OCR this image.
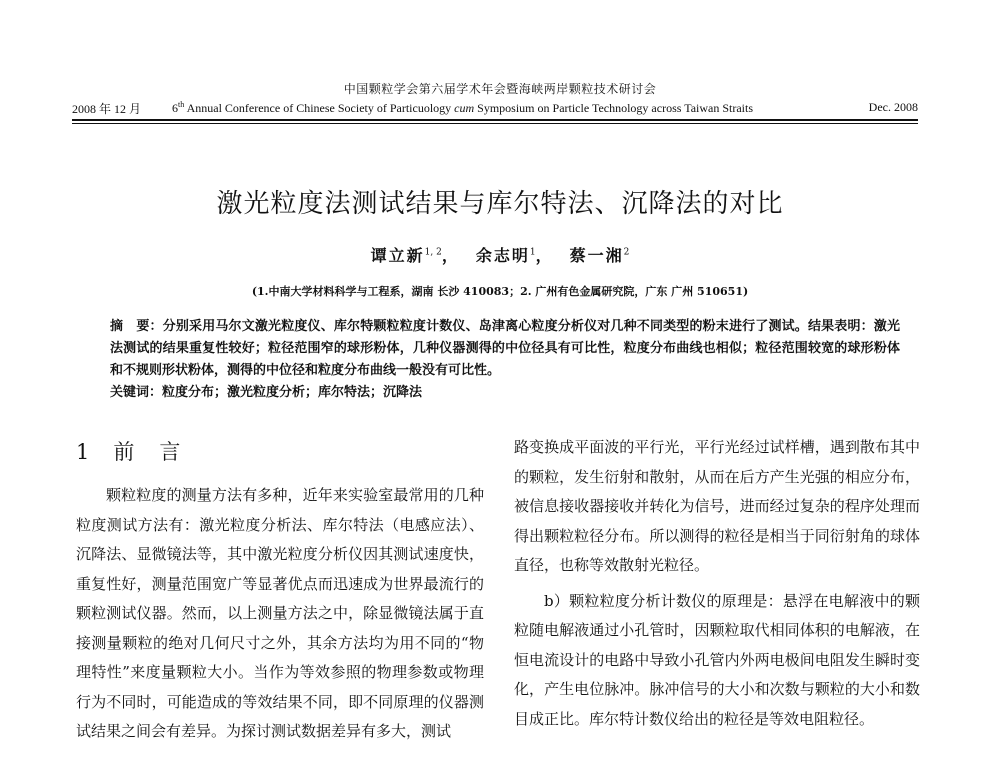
中国颗粒学会第六届学术年会暨海峡两岸颗粒技术研讨会
2008 年 12 月	6th Annual Conference of Chinese Society of Particuology cum Symposium on Particle Technology across Taiwan Straits	Dec. 2008
激光粒度法测试结果与库尔特法、沉降法的对比
谭立新$^{1, 2}$， 余志明$^1$， 蔡一湘$^2$
(1.中南大学材料科学与工程系，湖南 长沙 410083；2. 广州有色金属研究院，广东 广州 510651)

摘　要：分别采用马尔文激光粒度仪、库尔特颗粒粒度计数仪、岛津离心粒度分析仪对几种不同类型的粉末进行了测试。结果表明：激光法测试的结果重复性较好；粒径范围窄的球形粉体，几种仪器测得的中位径具有可比性，粒度分布曲线也相似；粒径范围较宽的球形粉体和不规则形状粉体，测得的中位径和粒度分布曲线一般没有可比性。

关键词：粒度分布；激光粒度分析；库尔特法；沉降法

1 前　言

颗粒粒度的测量方法有多种，近年来实验室最常用的几种粒度测试方法有：激光粒度分析法、库尔特法（电感应法）、沉降法、显微镜法等，其中激光粒度分析仪因其测试速度快，重复性好，测量范围宽广等显著优点而迅速成为世界最流行的颗粒测试仪器。然而，以上测量方法之中，除显微镜法属于直接测量颗粒的绝对几何尺寸之外，其余方法均为用不同的“物理特性”来度量颗粒大小。当作为等效参照的物理参数或物理行为不同时，可能造成的等效结果不同，即不同原理的仪器测试结果之间会有差异。为探讨测试数据差异有多大，测试

路变换成平面波的平行光，平行光经过试样槽，遇到散布其中的颗粒，发生衍射和散射，从而在后方产生光强的相应分布，被信息接收器接收并转化为信号，进而经过复杂的程序处理而得出颗粒粒径分布。所以测得的粒径是相当于同衍射角的球体直径，也称等效散射光粒径。

b）颗粒粒度分析计数仪的原理是：悬浮在电解液中的颗粒随电解液通过小孔管时，因颗粒取代相同体积的电解液，在恒电流设计的电路中导致小孔管内外两电极间电阻发生瞬时变化，产生电位脉冲。脉冲信号的大小和次数与颗粒的大小和数目成正比。库尔特计数仪给出的粒径是等效电阻粒径。
